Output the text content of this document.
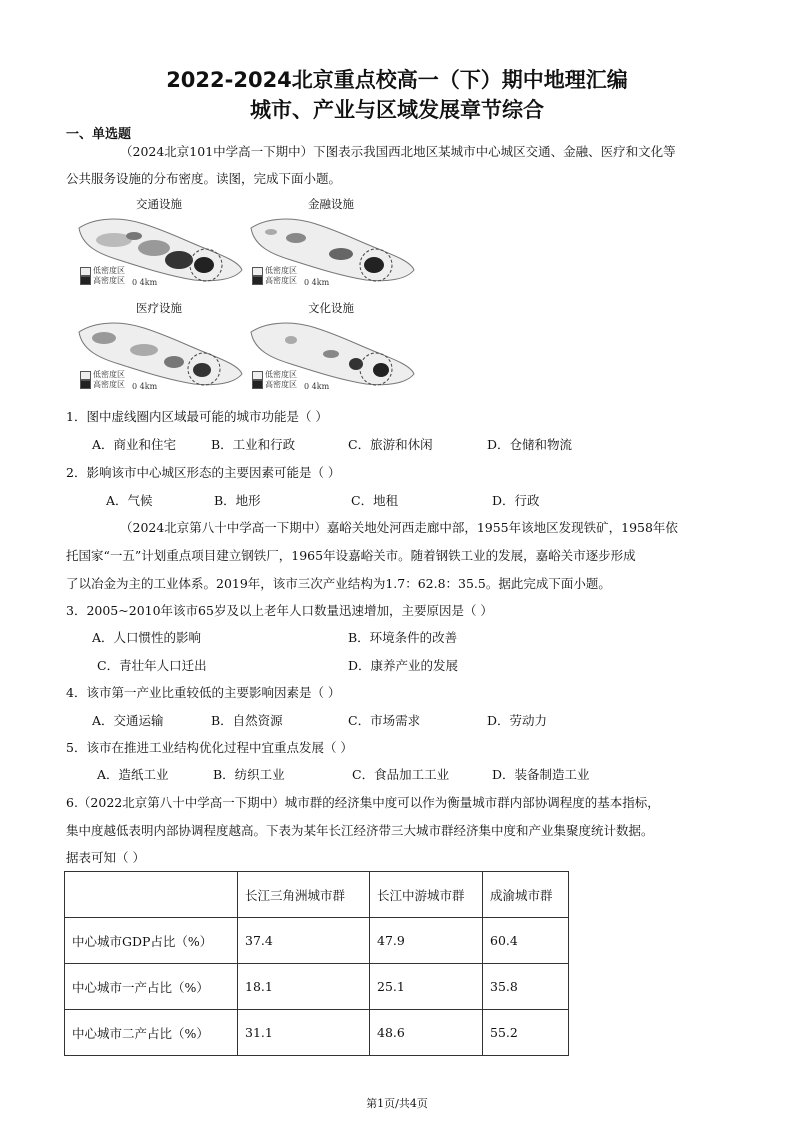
2022-2024北京重点校高一（下）期中地理汇编
城市、产业与区域发展章节综合
一、单选题
（2024北京101中学高一下期中）下图表示我国西北地区某城市中心城区交通、金融、医疗和文化等
公共服务设施的分布密度。读图，完成下面小题。
交通设施
低密度区
高密度区 0 4km
金融设施
低密度区
高密度区 0 4km
医疗设施
低密度区
高密度区 0 4km
文化设施
低密度区
高密度区 0 4km
1．图中虚线圈内区域最可能的城市功能是（ ）
A．商业和住宅	B．工业和行政	C．旅游和休闲	D．仓储和物流
2．影响该市中心城区形态的主要因素可能是（ ）
A．气候	B．地形	C．地租	D．行政
（2024北京第八十中学高一下期中）嘉峪关地处河西走廊中部，1955年该地区发现铁矿，1958年依
托国家“一五”计划重点项目建立钢铁厂，1965年设嘉峪关市。随着钢铁工业的发展，嘉峪关市逐步形成
了以冶金为主的工业体系。2019年，该市三次产业结构为1.7：62.8：35.5。据此完成下面小题。
3．2005~2010年该市65岁及以上老年人口数量迅速增加，主要原因是（ ）
A．人口惯性的影响	B．环境条件的改善
C．青壮年人口迁出	D．康养产业的发展
4．该市第一产业比重较低的主要影响因素是（ ）
A．交通运输	B．自然资源	C．市场需求	D．劳动力
5．该市在推进工业结构优化过程中宜重点发展（ ）
A．造纸工业	B．纺织工业	C．食品加工工业	D．装备制造工业
6.（2022北京第八十中学高一下期中）城市群的经济集中度可以作为衡量城市群内部协调程度的基本指标，
集中度越低表明内部协调程度越高。下表为某年长江经济带三大城市群经济集中度和产业集聚度统计数据。
据表可知（ ）
	长江三角洲城市群	长江中游城市群	成渝城市群
中心城市GDP占比（%）	37.4	47.9	60.4
中心城市一产占比（%）	18.1	25.1	35.8
中心城市二产占比（%）	31.1	48.6	55.2
第1页/共4页
